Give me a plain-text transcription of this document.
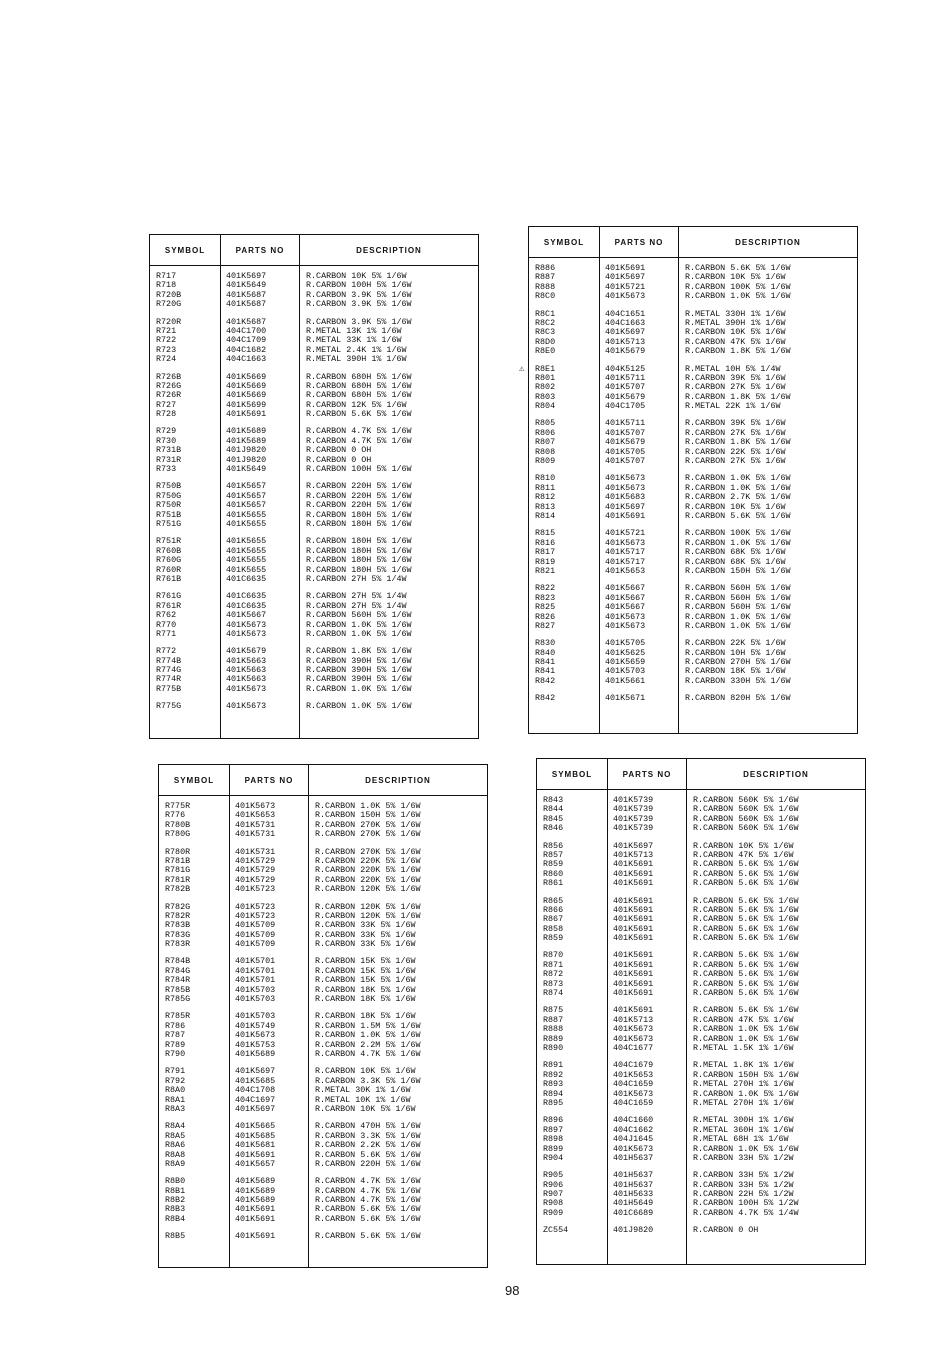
SYMBOL	PARTS NO	DESCRIPTION
R717	401K5697	R.CARBON 10K 5% 1/6W
R718	401K5649	R.CARBON 100H 5% 1/6W
R720B	401K5687	R.CARBON 3.9K 5% 1/6W
R720G	401K5687	R.CARBON 3.9K 5% 1/6W
R720R	401K5687	R.CARBON 3.9K 5% 1/6W
R721	404C1700	R.METAL 13K 1% 1/6W
R722	404C1709	R.METAL 33K 1% 1/6W
R723	404C1682	R.METAL 2.4K 1% 1/6W
R724	404C1663	R.METAL 390H 1% 1/6W
R726B	401K5669	R.CARBON 680H 5% 1/6W
R726G	401K5669	R.CARBON 680H 5% 1/6W
R726R	401K5669	R.CARBON 680H 5% 1/6W
R727	401K5699	R.CARBON 12K 5% 1/6W
R728	401K5691	R.CARBON 5.6K 5% 1/6W
R729	401K5689	R.CARBON 4.7K 5% 1/6W
R730	401K5689	R.CARBON 4.7K 5% 1/6W
R731B	401J9820	R.CARBON 0 OH
R731R	401J9820	R.CARBON 0 OH
R733	401K5649	R.CARBON 100H 5% 1/6W
R750B	401K5657	R.CARBON 220H 5% 1/6W
R750G	401K5657	R.CARBON 220H 5% 1/6W
R750R	401K5657	R.CARBON 220H 5% 1/6W
R751B	401K5655	R.CARBON 180H 5% 1/6W
R751G	401K5655	R.CARBON 180H 5% 1/6W
R751R	401K5655	R.CARBON 180H 5% 1/6W
R760B	401K5655	R.CARBON 180H 5% 1/6W
R760G	401K5655	R.CARBON 180H 5% 1/6W
R760R	401K5655	R.CARBON 180H 5% 1/6W
R761B	401C6635	R.CARBON 27H 5% 1/4W
R761G	401C6635	R.CARBON 27H 5% 1/4W
R761R	401C6635	R.CARBON 27H 5% 1/4W
R762	401K5667	R.CARBON 560H 5% 1/6W
R770	401K5673	R.CARBON 1.0K 5% 1/6W
R771	401K5673	R.CARBON 1.0K 5% 1/6W
R772	401K5679	R.CARBON 1.8K 5% 1/6W
R774B	401K5663	R.CARBON 390H 5% 1/6W
R774G	401K5663	R.CARBON 390H 5% 1/6W
R774R	401K5663	R.CARBON 390H 5% 1/6W
R775B	401K5673	R.CARBON 1.0K 5% 1/6W
R775G	401K5673	R.CARBON 1.0K 5% 1/6W
SYMBOL	PARTS NO	DESCRIPTION
R886	401K5691	R.CARBON 5.6K 5% 1/6W
R887	401K5697	R.CARBON 10K 5% 1/6W
R888	401K5721	R.CARBON 100K 5% 1/6W
R8C0	401K5673	R.CARBON 1.0K 5% 1/6W
R8C1	404C1651	R.METAL 330H 1% 1/6W
R8C2	404C1663	R.METAL 390H 1% 1/6W
R8C3	401K5697	R.CARBON 10K 5% 1/6W
R8D0	401K5713	R.CARBON 47K 5% 1/6W
R8E0	401K5679	R.CARBON 1.8K 5% 1/6W
⚠	R8E1	404K5125	R.METAL 10H 5% 1/4W
R801	401K5711	R.CARBON 39K 5% 1/6W
R802	401K5707	R.CARBON 27K 5% 1/6W
R803	401K5679	R.CARBON 1.8K 5% 1/6W
R804	404C1705	R.METAL 22K 1% 1/6W
R805	401K5711	R.CARBON 39K 5% 1/6W
R806	401K5707	R.CARBON 27K 5% 1/6W
R807	401K5679	R.CARBON 1.8K 5% 1/6W
R808	401K5705	R.CARBON 22K 5% 1/6W
R809	401K5707	R.CARBON 27K 5% 1/6W
R810	401K5673	R.CARBON 1.0K 5% 1/6W
R811	401K5673	R.CARBON 1.0K 5% 1/6W
R812	401K5683	R.CARBON 2.7K 5% 1/6W
R813	401K5697	R.CARBON 10K 5% 1/6W
R814	401K5691	R.CARBON 5.6K 5% 1/6W
R815	401K5721	R.CARBON 100K 5% 1/6W
R816	401K5673	R.CARBON 1.0K 5% 1/6W
R817	401K5717	R.CARBON 68K 5% 1/6W
R819	401K5717	R.CARBON 68K 5% 1/6W
R821	401K5653	R.CARBON 150H 5% 1/6W
R822	401K5667	R.CARBON 560H 5% 1/6W
R823	401K5667	R.CARBON 560H 5% 1/6W
R825	401K5667	R.CARBON 560H 5% 1/6W
R826	401K5673	R.CARBON 1.0K 5% 1/6W
R827	401K5673	R.CARBON 1.0K 5% 1/6W
R830	401K5705	R.CARBON 22K 5% 1/6W
R840	401K5625	R.CARBON 10H 5% 1/6W
R841	401K5659	R.CARBON 270H 5% 1/6W
R841	401K5703	R.CARBON 18K 5% 1/6W
R842	401K5661	R.CARBON 330H 5% 1/6W
R842	401K5671	R.CARBON 820H 5% 1/6W
SYMBOL	PARTS NO	DESCRIPTION
R775R	401K5673	R.CARBON 1.0K 5% 1/6W
R776	401K5653	R.CARBON 150H 5% 1/6W
R780B	401K5731	R.CARBON 270K 5% 1/6W
R780G	401K5731	R.CARBON 270K 5% 1/6W
R780R	401K5731	R.CARBON 270K 5% 1/6W
R781B	401K5729	R.CARBON 220K 5% 1/6W
R781G	401K5729	R.CARBON 220K 5% 1/6W
R781R	401K5729	R.CARBON 220K 5% 1/6W
R782B	401K5723	R.CARBON 120K 5% 1/6W
R782G	401K5723	R.CARBON 120K 5% 1/6W
R782R	401K5723	R.CARBON 120K 5% 1/6W
R783B	401K5709	R.CARBON 33K 5% 1/6W
R783G	401K5709	R.CARBON 33K 5% 1/6W
R783R	401K5709	R.CARBON 33K 5% 1/6W
R784B	401K5701	R.CARBON 15K 5% 1/6W
R784G	401K5701	R.CARBON 15K 5% 1/6W
R784R	401K5701	R.CARBON 15K 5% 1/6W
R785B	401K5703	R.CARBON 18K 5% 1/6W
R785G	401K5703	R.CARBON 18K 5% 1/6W
R785R	401K5703	R.CARBON 18K 5% 1/6W
R786	401K5749	R.CARBON 1.5M 5% 1/6W
R787	401K5673	R.CARBON 1.0K 5% 1/6W
R789	401K5753	R.CARBON 2.2M 5% 1/6W
R790	401K5689	R.CARBON 4.7K 5% 1/6W
R791	401K5697	R.CARBON 10K 5% 1/6W
R792	401K5685	R.CARBON 3.3K 5% 1/6W
R8A0	404C1708	R.METAL 30K 1% 1/6W
R8A1	404C1697	R.METAL 10K 1% 1/6W
R8A3	401K5697	R.CARBON 10K 5% 1/6W
R8A4	401K5665	R.CARBON 470H 5% 1/6W
R8A5	401K5685	R.CARBON 3.3K 5% 1/6W
R8A6	401K5681	R.CARBON 2.2K 5% 1/6W
R8A8	401K5691	R.CARBON 5.6K 5% 1/6W
R8A9	401K5657	R.CARBON 220H 5% 1/6W
R8B0	401K5689	R.CARBON 4.7K 5% 1/6W
R8B1	401K5689	R.CARBON 4.7K 5% 1/6W
R8B2	401K5689	R.CARBON 4.7K 5% 1/6W
R8B3	401K5691	R.CARBON 5.6K 5% 1/6W
R8B4	401K5691	R.CARBON 5.6K 5% 1/6W
R8B5	401K5691	R.CARBON 5.6K 5% 1/6W
SYMBOL	PARTS NO	DESCRIPTION
R843	401K5739	R.CARBON 560K 5% 1/6W
R844	401K5739	R.CARBON 560K 5% 1/6W
R845	401K5739	R.CARBON 560K 5% 1/6W
R846	401K5739	R.CARBON 560K 5% 1/6W
R856	401K5697	R.CARBON 10K 5% 1/6W
R857	401K5713	R.CARBON 47K 5% 1/6W
R859	401K5691	R.CARBON 5.6K 5% 1/6W
R860	401K5691	R.CARBON 5.6K 5% 1/6W
R861	401K5691	R.CARBON 5.6K 5% 1/6W
R865	401K5691	R.CARBON 5.6K 5% 1/6W
R866	401K5691	R.CARBON 5.6K 5% 1/6W
R867	401K5691	R.CARBON 5.6K 5% 1/6W
R858	401K5691	R.CARBON 5.6K 5% 1/6W
R859	401K5691	R.CARBON 5.6K 5% 1/6W
R870	401K5691	R.CARBON 5.6K 5% 1/6W
R871	401K5691	R.CARBON 5.6K 5% 1/6W
R872	401K5691	R.CARBON 5.6K 5% 1/6W
R873	401K5691	R.CARBON 5.6K 5% 1/6W
R874	401K5691	R.CARBON 5.6K 5% 1/6W
R875	401K5691	R.CARBON 5.6K 5% 1/6W
R887	401K5713	R.CARBON 47K 5% 1/6W
R888	401K5673	R.CARBON 1.0K 5% 1/6W
R889	401K5673	R.CARBON 1.0K 5% 1/6W
R890	404C1677	R.METAL 1.5K 1% 1/6W
R891	404C1679	R.METAL 1.8K 1% 1/6W
R892	401K5653	R.CARBON 150H 5% 1/6W
R893	404C1659	R.METAL 270H 1% 1/6W
R894	401K5673	R.CARBON 1.0K 5% 1/6W
R895	404C1659	R.METAL 270H 1% 1/6W
R896	404C1660	R.METAL 300H 1% 1/6W
R897	404C1662	R.METAL 360H 1% 1/6W
R898	404J1645	R.METAL 68H 1% 1/6W
R899	401K5673	R.CARBON 1.0K 5% 1/6W
R904	401H5637	R.CARBON 33H 5% 1/2W
R905	401H5637	R.CARBON 33H 5% 1/2W
R906	401H5637	R.CARBON 33H 5% 1/2W
R907	401H5633	R.CARBON 22H 5% 1/2W
R908	401H5649	R.CARBON 100H 5% 1/2W
R909	401C6689	R.CARBON 4.7K 5% 1/4W
ZC554	401J9820	R.CARBON 0 OH
98
